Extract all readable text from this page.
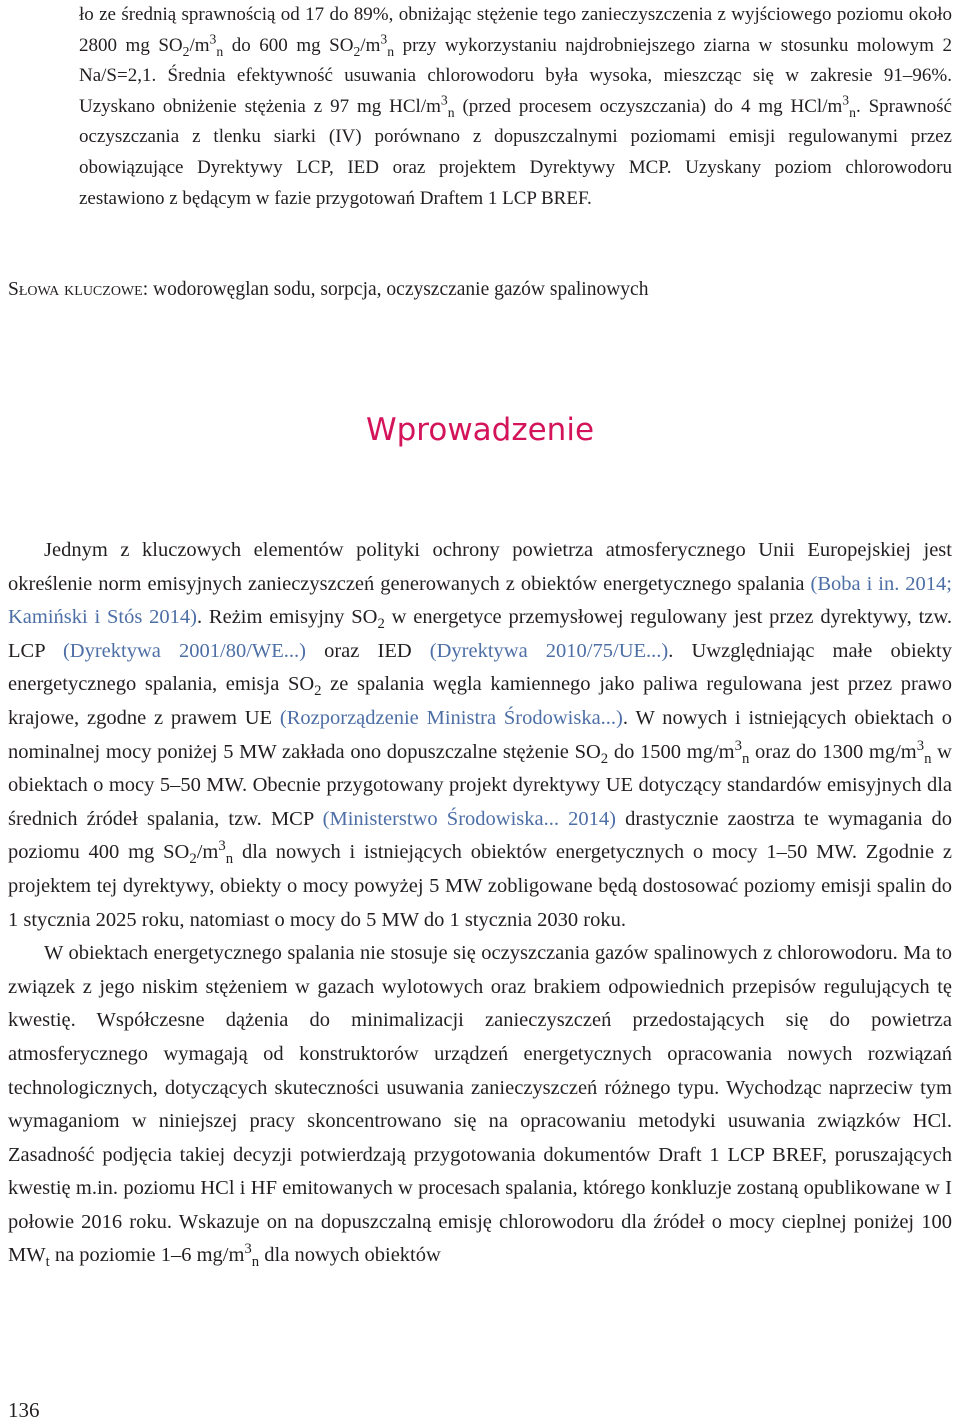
ło ze średnią sprawnością od 17 do 89%, obniżając stężenie tego zanieczyszczenia z wyjściowego poziomu około 2800 mg $SO_2/m^3_n$ do 600 mg $SO_2/m^3_n$ przy wykorzystaniu najdrobniejszego ziarna w stosunku molowym 2 Na/S=2,1. Średnia efektywność usuwania chlorowodoru była wysoka, mieszcząc się w zakresie 91–96%. Uzyskano obniżenie stężenia z 97 mg HCl/$m^3_n$ (przed procesem oczyszczania) do 4 mg HCl/$m^3_n$. Sprawność oczyszczania z tlenku siarki (IV) porównano z dopuszczalnymi poziomami emisji regulowanymi przez obowiązujące Dyrektywy LCP, IED oraz projektem Dyrektywy MCP. Uzyskany poziom chlorowodoru zestawiono z będącym w fazie przygotowań Draftem 1 LCP BREF.
Słowa kluczowe: wodorowęglan sodu, sorpcja, oczyszczanie gazów spalinowych
Wprowadzenie

Jednym z kluczowych elementów polityki ochrony powietrza atmosferycznego Unii Europejskiej jest określenie norm emisyjnych zanieczyszczeń generowanych z obiektów energetycznego spalania (Boba i in. 2014; Kamiński i Stós 2014). Reżim emisyjny $SO_2$ w energetyce przemysłowej regulowany jest przez dyrektywy, tzw. LCP (Dyrektywa 2001/80/WE...) oraz IED (Dyrektywa 2010/75/UE...). Uwzględniając małe obiekty energetycznego spalania, emisja $SO_2$ ze spalania węgla kamiennego jako paliwa regulowana jest przez prawo krajowe, zgodne z prawem UE (Rozporządzenie Ministra Środowiska...). W nowych i istniejących obiektach o nominalnej mocy poniżej 5 MW zakłada ono dopuszczalne stężenie $SO_2$ do 1500 $mg/m^3_n$ oraz do 1300 $mg/m^3_n$ w obiektach o mocy 5–50 MW. Obecnie przygotowany projekt dyrektywy UE dotyczący standardów emisyjnych dla średnich źródeł spalania, tzw. MCP (Ministerstwo Środowiska... 2014) drastycznie zaostrza te wymagania do poziomu 400 mg $SO_2/m^3_n$ dla nowych i istniejących obiektów energetycznych o mocy 1–50 MW. Zgodnie z projektem tej dyrektywy, obiekty o mocy powyżej 5 MW zobligowane będą dostosować poziomy emisji spalin do 1 stycznia 2025 roku, natomiast o mocy do 5 MW do 1 stycznia 2030 roku.

W obiektach energetycznego spalania nie stosuje się oczyszczania gazów spalinowych z chlorowodoru. Ma to związek z jego niskim stężeniem w gazach wylotowych oraz brakiem odpowiednich przepisów regulujących tę kwestię. Współczesne dążenia do minimalizacji zanieczyszczeń przedostających się do powietrza atmosferycznego wymagają od konstruktorów urządzeń energetycznych opracowania nowych rozwiązań technologicznych, dotyczących skuteczności usuwania zanieczyszczeń różnego typu. Wychodząc naprzeciw tym wymaganiom w niniejszej pracy skoncentrowano się na opracowaniu metodyki usuwania związków HCl. Zasadność podjęcia takiej decyzji potwierdzają przygotowania dokumentów Draft 1 LCP BREF, poruszających kwestię m.in. poziomu HCl i HF emitowanych w procesach spalania, którego konkluzje zostaną opublikowane w I połowie 2016 roku. Wskazuje on na dopuszczalną emisję chlorowodoru dla źródeł o mocy cieplnej poniżej 100 $MW_t$ na poziomie 1–6 $mg/m^3_n$ dla nowych obiektów

136
